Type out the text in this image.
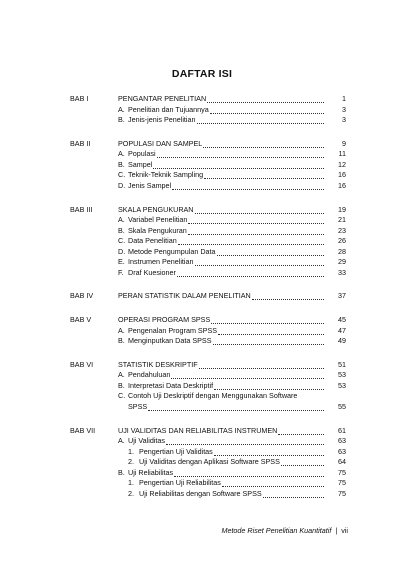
DAFTAR ISI
BAB I	PENGANTAR PENELITIAN	1
A. Penelitian dan Tujuannya	3
B. Jenis-jenis Penelitian	3
BAB II	POPULASI DAN SAMPEL	9
A. Populasi	11
B. Sampel	12
C. Teknik-Teknik Sampling	16
D. Jenis Sampel	16
BAB III	SKALA PENGUKURAN	19
A. Variabel Penelitian	21
B. Skala Pengukuran	23
C. Data Penelitian	26
D. Metode Pengumpulan Data	28
E. Instrumen Penelitian	29
F. Draf Kuesioner	33
BAB IV	PERAN STATISTIK DALAM PENELITIAN	37
BAB V	OPERASI PROGRAM SPSS	45
A. Pengenalan Program SPSS	47
B. Menginputkan Data SPSS	49
BAB VI	STATISTIK DESKRIPTIF	51
A. Pendahuluan	53
B. Interpretasi Data Deskriptif	53
C. Contoh Uji Deskriptif dengan Menggunakan Software
SPSS	55
BAB VII	UJI VALIDITAS DAN RELIABILITAS INSTRUMEN	61
A. Uji Validitas	63
1. Pengertian Uji Validitas	63
2. Uji Validitas dengan Aplikasi Software SPSS	64
B. Uji Reliabilitas	75
1. Pengertian Uji Reliabilitas	75
2. Uji Reliabilitas dengan Software SPSS	75
Metode Riset Penelitian Kuantitatif | vii
